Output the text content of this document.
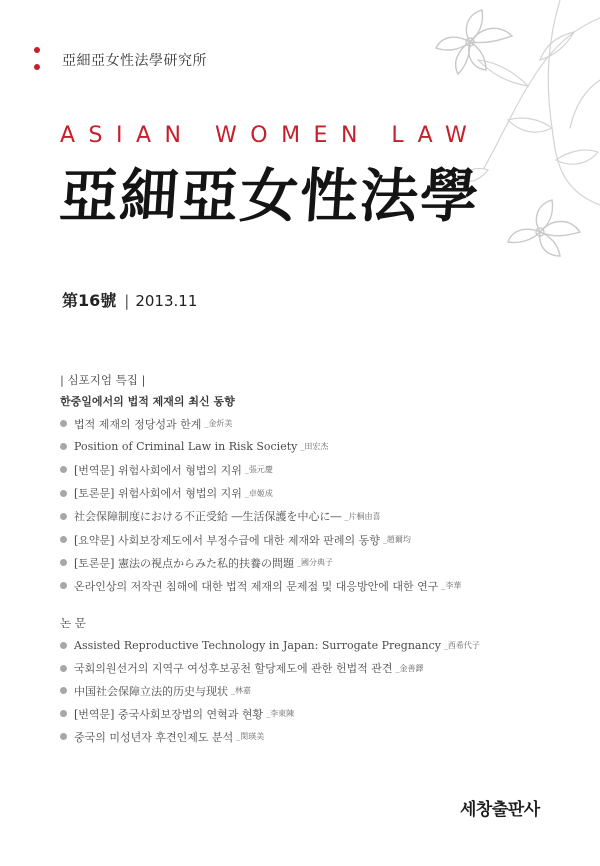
亞細亞女性法學研究所
ASIAN WOMEN LAW
亞細亞女性法學
第16號 | 2013.11
| 심포지엄 특집 |
한중일에서의 법적 제재의 최신 동향
법적 제재의 정당성과 한계 _金炘美
Position of Criminal Law in Risk Society _田宏杰
[번역문] 위험사회에서 형법의 지위 _張元慶
[토론문] 위험사회에서 형법의 지위 _卓姬成
社会保障制度における不正受給 ―生活保護を中心に― _片桐由喜
[요약문] 사회보장제도에서 부정수급에 대한 제재와 판례의 동향 _趙爾均
[토론문] 憲法の視点からみた私的扶養の問題 _國分典子
온라인상의 저작권 침해에 대한 법적 제재의 문제점 및 대응방안에 대한 연구 _李華
논 문
Assisted Reproductive Technology in Japan: Surrogate Pregnancy _西希代子
국회의원선거의 지역구 여성후보공천 할당제도에 관한 헌법적 관견 _金善鐸
中国社会保障立法的历史与现状 _林嘉
[번역문] 중국사회보장법의 연혁과 현황 _李東陳
중국의 미성년자 후견인제도 분석 _閔瑛美
세창출판사
